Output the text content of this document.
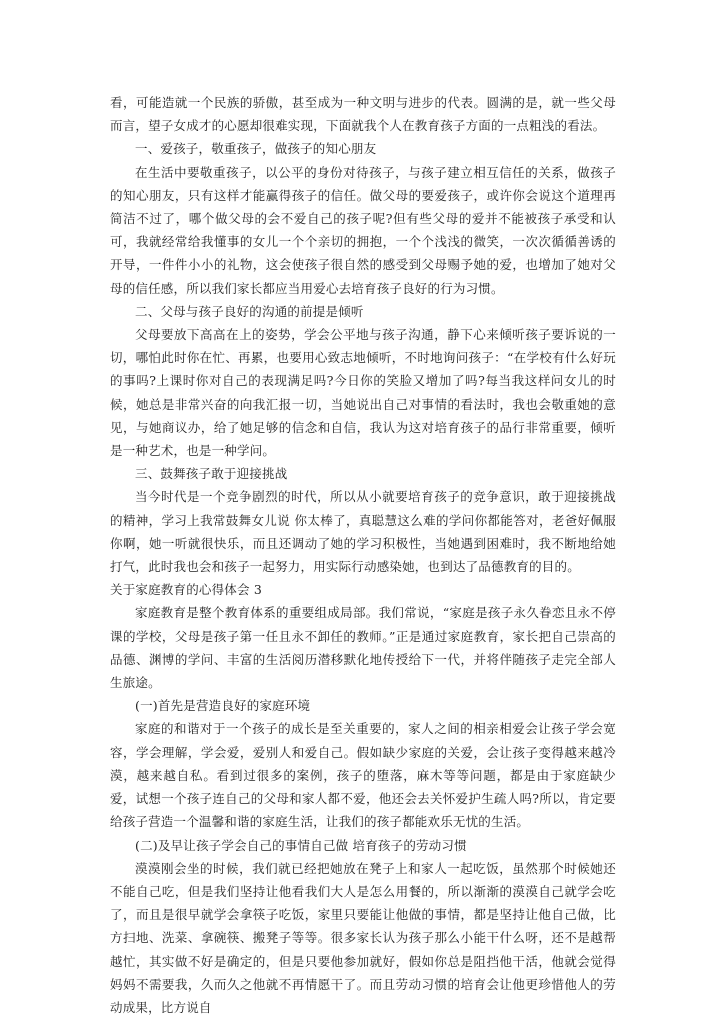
看，可能造就一个民族的骄傲，甚至成为一种文明与进步的代表。圆满的是，就一些父母而言，望子女成才的心愿却很难实现，下面就我个人在教育孩子方面的一点粗浅的看法。

一、爱孩子，敬重孩子，做孩子的知心朋友

在生活中要敬重孩子，以公平的身份对待孩子，与孩子建立相互信任的关系，做孩子的知心朋友，只有这样才能赢得孩子的信任。做父母的要爱孩子，或许你会说这个道理再简洁不过了，哪个做父母的会不爱自己的孩子呢?但有些父母的爱并不能被孩子承受和认可，我就经常给我懂事的女儿一个个亲切的拥抱，一个个浅浅的微笑，一次次循循善诱的开导，一件件小小的礼物，这会使孩子很自然的感受到父母赐予她的爱，也增加了她对父母的信任感，所以我们家长都应当用爱心去培育孩子良好的行为习惯。

二、父母与孩子良好的沟通的前提是倾听

父母要放下高高在上的姿势，学会公平地与孩子沟通，静下心来倾听孩子要诉说的一切，哪怕此时你在忙、再累，也要用心致志地倾听，不时地询问孩子：“在学校有什么好玩的事吗?上课时你对自己的表现满足吗?今日你的笑脸又增加了吗?每当我这样问女儿的时候，她总是非常兴奋的向我汇报一切，当她说出自己对事情的看法时，我也会敬重她的意见，与她商议办，给了她足够的信念和自信，我认为这对培育孩子的品行非常重要，倾听是一种艺术，也是一种学问。

三、鼓舞孩子敢于迎接挑战

当今时代是一个竞争剧烈的时代，所以从小就要培育孩子的竞争意识，敢于迎接挑战的精神，学习上我常鼓舞女儿说 你太棒了，真聪慧这么难的学问你都能答对，老爸好佩服你啊，她一听就很快乐，而且还调动了她的学习积极性，当她遇到困难时，我不断地给她打气，此时我也会和孩子一起努力，用实际行动感染她，也到达了品德教育的目的。

关于家庭教育的心得体会 3

家庭教育是整个教育体系的重要组成局部。我们常说，“家庭是孩子永久眷恋且永不停课的学校，父母是孩子第一任且永不卸任的教师。”正是通过家庭教育，家长把自己崇高的品德、渊博的学问、丰富的生活阅历潜移默化地传授给下一代，并将伴随孩子走完全部人生旅途。

(一)首先是营造良好的家庭环境

家庭的和谐对于一个孩子的成长是至关重要的，家人之间的相亲相爱会让孩子学会宽容，学会理解，学会爱，爱别人和爱自己。假如缺少家庭的关爱，会让孩子变得越来越冷漠，越来越自私。看到过很多的案例，孩子的堕落，麻木等等问题，都是由于家庭缺少爱，试想一个孩子连自己的父母和家人都不爱，他还会去关怀爱护生疏人吗?所以，肯定要给孩子营造一个温馨和谐的家庭生活，让我们的孩子都能欢乐无忧的生活。

(二)及早让孩子学会自己的事情自己做 培育孩子的劳动习惯

漠漠刚会坐的时候，我们就已经把她放在凳子上和家人一起吃饭，虽然那个时候她还不能自己吃，但是我们坚持让他看我们大人是怎么用餐的，所以渐渐的漠漠自己就学会吃了，而且是很早就学会拿筷子吃饭，家里只要能让他做的事情，都是坚持让他自己做，比方扫地、洗菜、拿碗筷、搬凳子等等。很多家长认为孩子那么小能干什么呀，还不是越帮越忙，其实做不好是确定的，但是只要他参加就好，假如你总是阻挡他干活，他就会觉得妈妈不需要我，久而久之他就不再情愿干了。而且劳动习惯的培育会让他更珍惜他人的劳动成果，比方说自
